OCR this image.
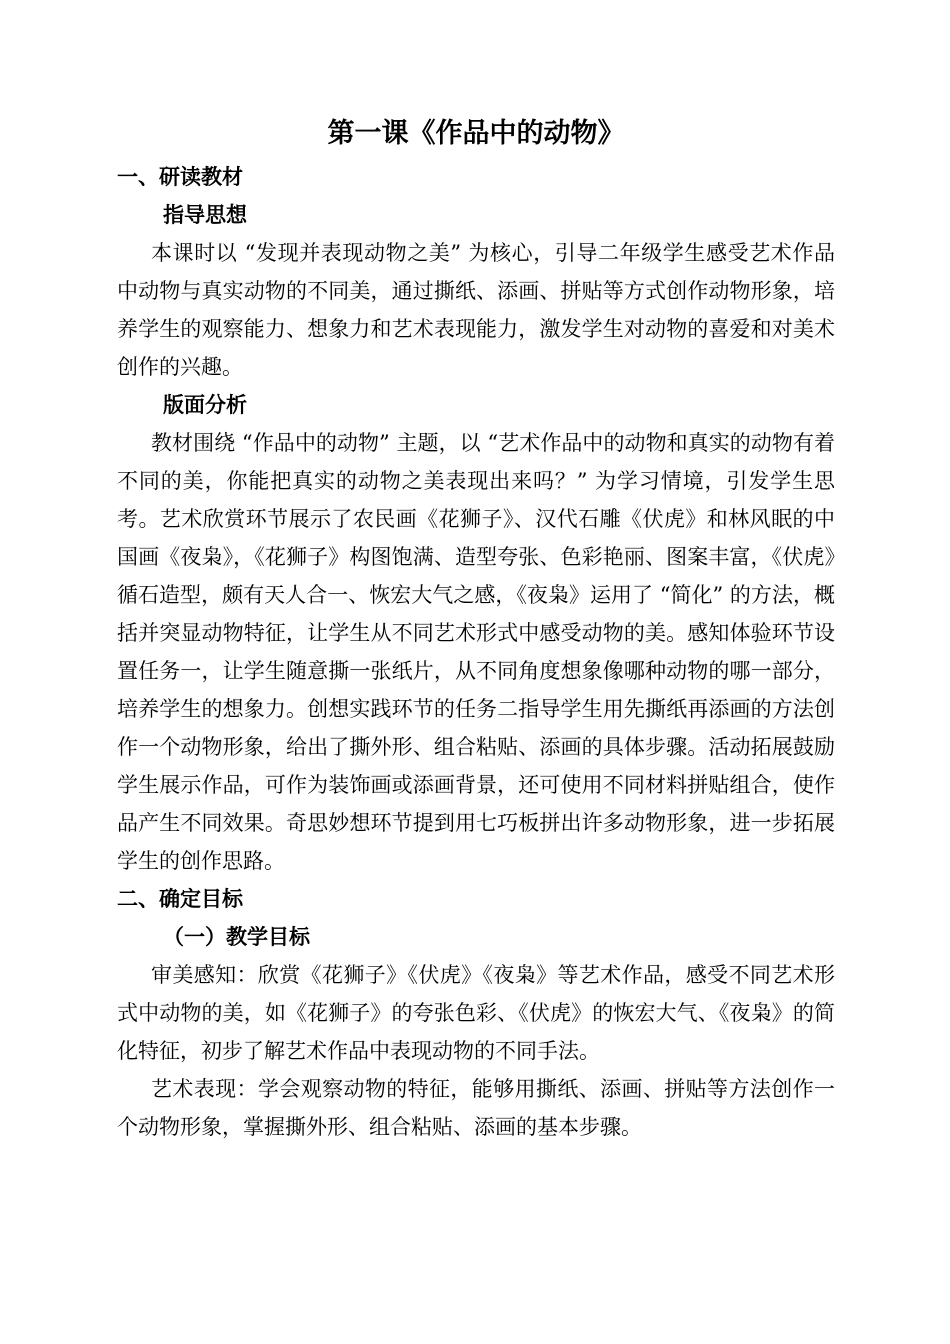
第一课《作品中的动物》
一、研读教材
指导思想

本课时以 “发现并表现动物之美” 为核心，引导二年级学生感受艺术作品中动物与真实动物的不同美，通过撕纸、添画、拼贴等方式创作动物形象，培养学生的观察能力、想象力和艺术表现能力，激发学生对动物的喜爱和对美术创作的兴趣。

版面分析

教材围绕 “作品中的动物” 主题，以 “艺术作品中的动物和真实的动物有着不同的美，你能把真实的动物之美表现出来吗？” 为学习情境，引发学生思考。艺术欣赏环节展示了农民画《花狮子》、汉代石雕《伏虎》和林风眠的中国画《夜枭》，《花狮子》构图饱满、造型夸张、色彩艳丽、图案丰富，《伏虎》循石造型，颇有天人合一、恢宏大气之感，《夜枭》运用了 “简化” 的方法，概括并突显动物特征，让学生从不同艺术形式中感受动物的美。感知体验环节设置任务一，让学生随意撕一张纸片，从不同角度想象像哪种动物的哪一部分，培养学生的想象力。创想实践环节的任务二指导学生用先撕纸再添画的方法创作一个动物形象，给出了撕外形、组合粘贴、添画的具体步骤。活动拓展鼓励学生展示作品，可作为装饰画或添画背景，还可使用不同材料拼贴组合，使作品产生不同效果。奇思妙想环节提到用七巧板拼出许多动物形象，进一步拓展学生的创作思路。

二、确定目标
（一）教学目标

审美感知：欣赏《花狮子》《伏虎》《夜枭》等艺术作品，感受不同艺术形式中动物的美，如《花狮子》的夸张色彩、《伏虎》的恢宏大气、《夜枭》的简化特征，初步了解艺术作品中表现动物的不同手法。

艺术表现：学会观察动物的特征，能够用撕纸、添画、拼贴等方法创作一个动物形象，掌握撕外形、组合粘贴、添画的基本步骤。
